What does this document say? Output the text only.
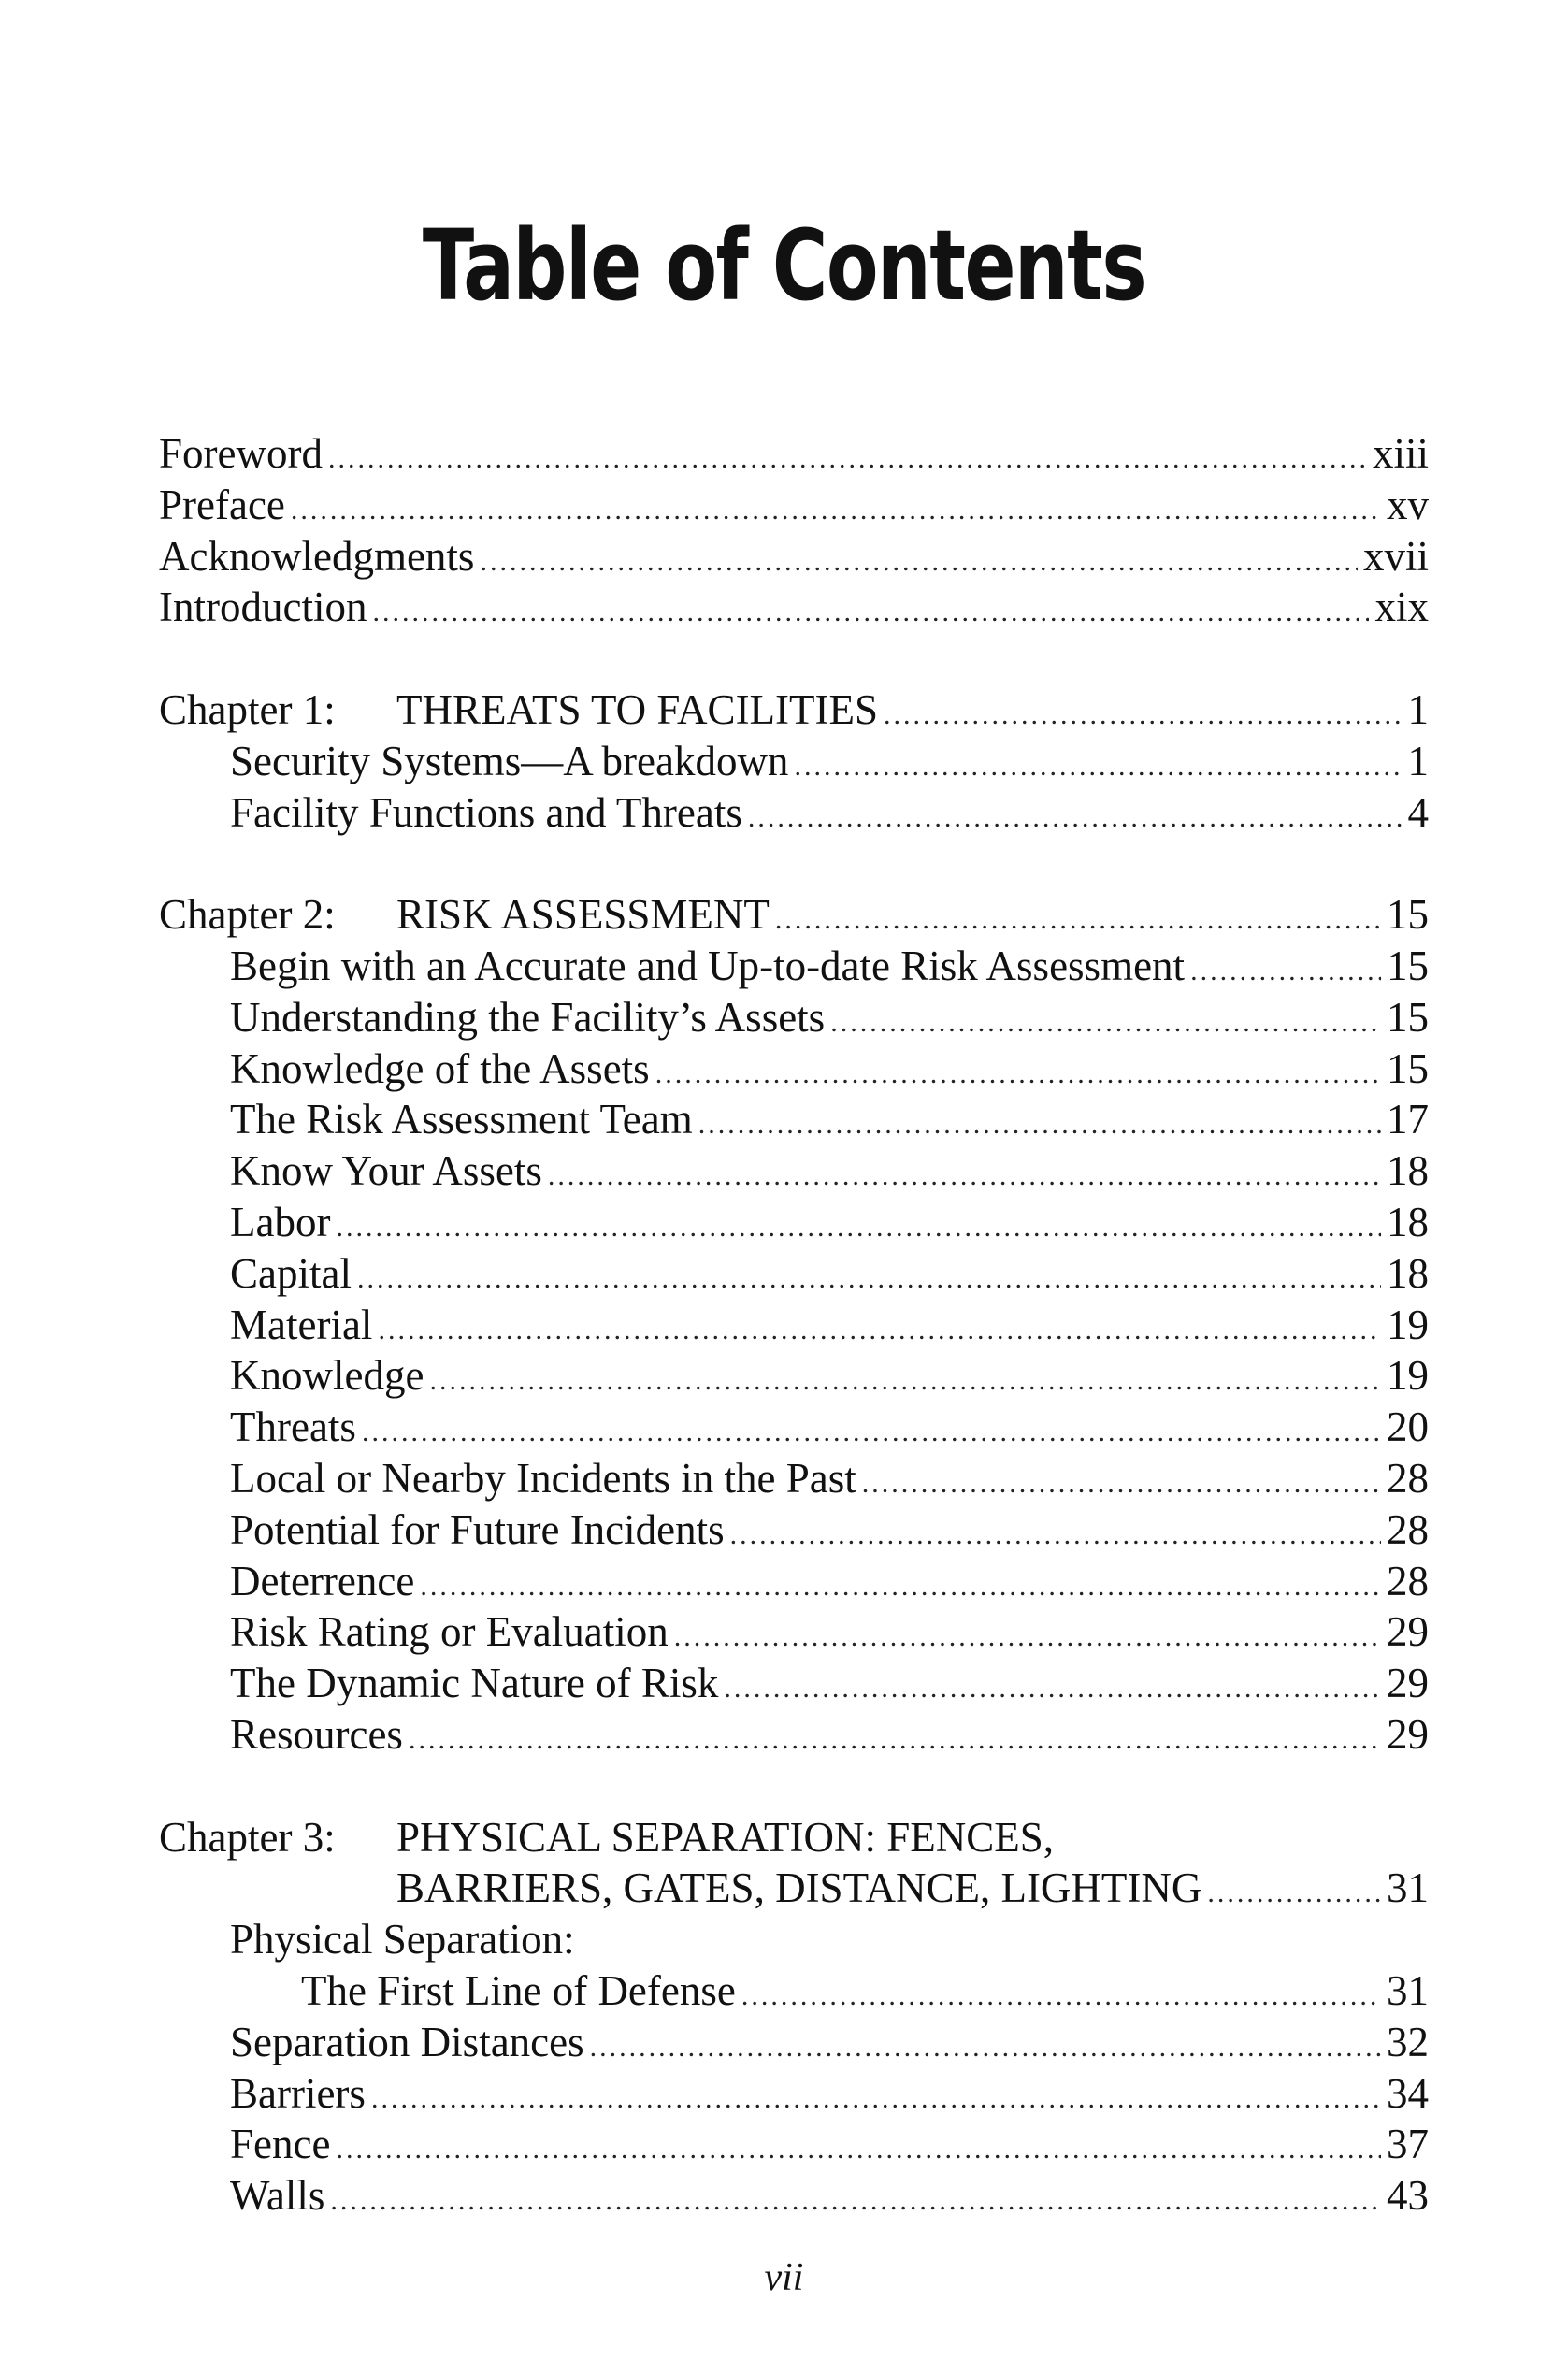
Table of Contents
Foreword .....	xiii
Preface .....	xv
Acknowledgments .....	xvii
Introduction .....	xix
Chapter 1: THREATS TO FACILITIES .....	1
Security Systems—A breakdown .....	1
Facility Functions and Threats .....	4
Chapter 2: RISK ASSESSMENT .....	15
Begin with an Accurate and Up-to-date Risk Assessment .....	15
Understanding the Facility’s Assets .....	15
Knowledge of the Assets .....	15
The Risk Assessment Team .....	17
Know Your Assets .....	18
Labor .....	18
Capital .....	18
Material .....	19
Knowledge .....	19
Threats .....	20
Local or Nearby Incidents in the Past .....	28
Potential for Future Incidents .....	28
Deterrence .....	28
Risk Rating or Evaluation .....	29
The Dynamic Nature of Risk .....	29
Resources .....	29
Chapter 3: PHYSICAL SEPARATION: FENCES,
BARRIERS, GATES, DISTANCE, LIGHTING .....	31
Physical Separation:
The First Line of Defense .....	31
Separation Distances .....	32
Barriers .....	34
Fence .....	37
Walls .....	43
vii
